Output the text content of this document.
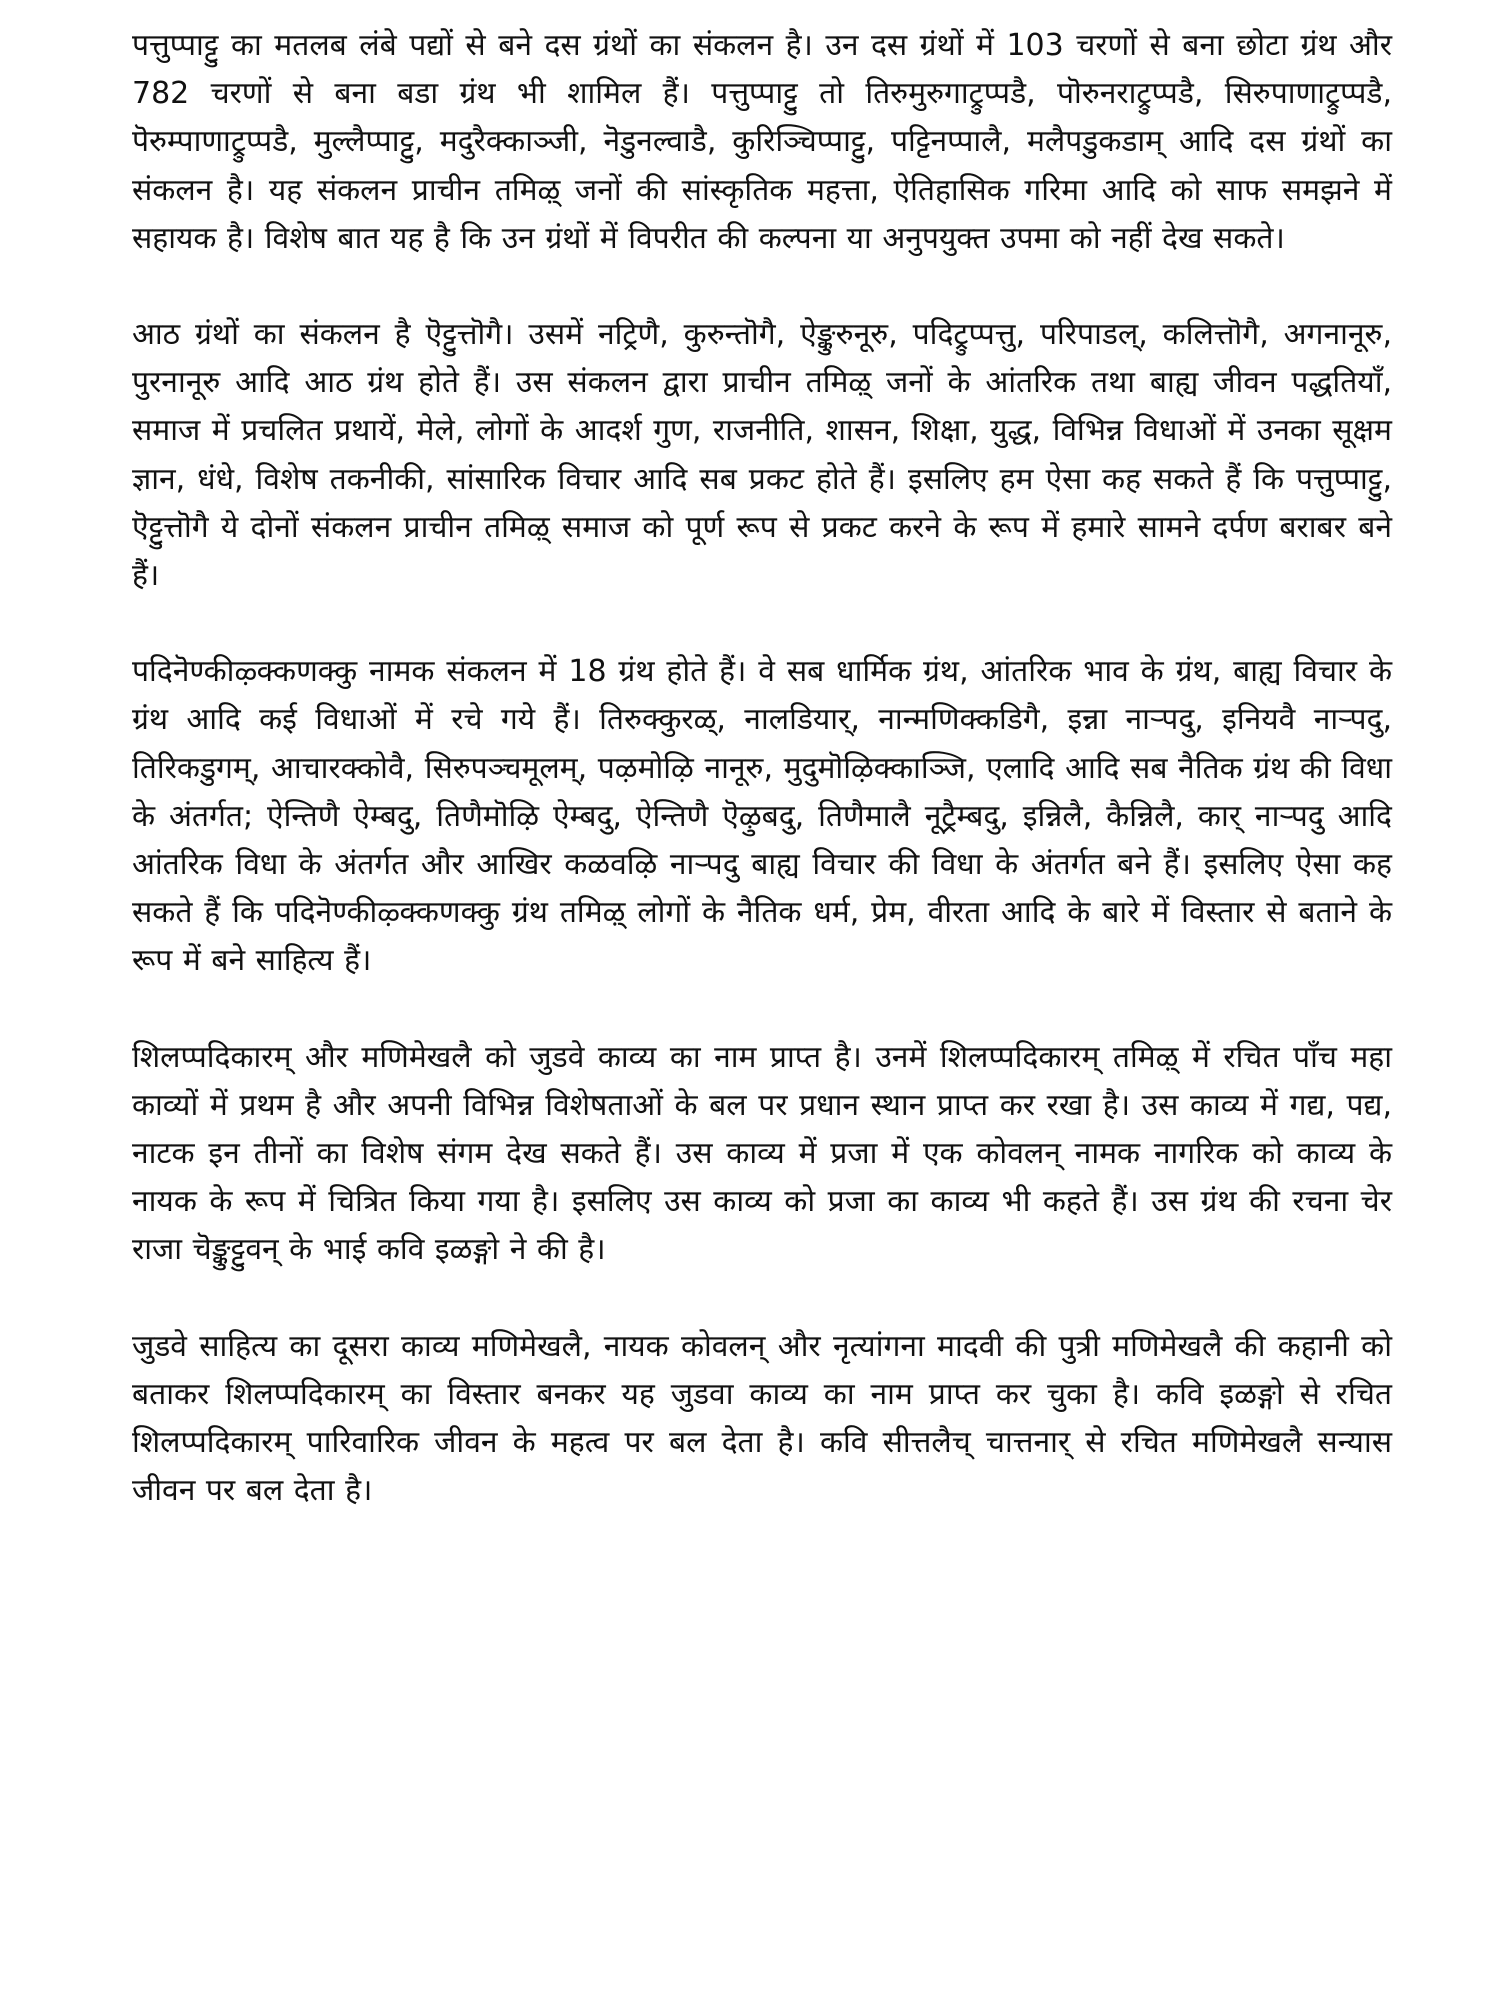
पत्तुप्पाट्टु का मतलब लंबे पद्यों से बने दस ग्रंथों का संकलन है। उन दस ग्रंथों में 103 चरणों से बना छोटा ग्रंथ और 782 चरणों से बना बडा ग्रंथ भी शामिल हैं। पत्तुप्पाट्टु तो तिरुमुरुगाट्रुप्पडै, पॊरुनराट्रुप्पडै, सिरुपाणाट्रुप्पडै, पॆरुम्पाणाट्रुप्पडै, मुल्लैप्पाट्टु, मदुरैक्काञ्जी, नॆडुनल्वाडै, कुरिञ्चिप्पाट्टु, पट्टिनप्पालै, मलैपडुकडाम् आदि दस ग्रंथों का संकलन है। यह संकलन प्राचीन तमिऴ् जनों की सांस्कृतिक महत्ता, ऐतिहासिक गरिमा आदि को साफ समझने में सहायक है। विशेष बात यह है कि उन ग्रंथों में विपरीत की कल्पना या अनुपयुक्त उपमा को नहीं देख सकते।

आठ ग्रंथों का संकलन है ऎट्टुत्तॊगै। उसमें नट्रिणै, कुरुन्तॊगै, ऐङ्कुरुनूरु, पदिट्रुप्पत्तु, परिपाडल्, कलित्तॊगै, अगनानूरु, पुरनानूरु आदि आठ ग्रंथ होते हैं। उस संकलन द्वारा प्राचीन तमिऴ् जनों के आंतरिक तथा बाह्य जीवन पद्धतियाँ, समाज में प्रचलित प्रथायें, मेले, लोगों के आदर्श गुण, राजनीति, शासन, शिक्षा, युद्ध, विभिन्न विधाओं में उनका सूक्षम ज्ञान, धंधे, विशेष तकनीकी, सांसारिक विचार आदि सब प्रकट होते हैं। इसलिए हम ऐसा कह सकते हैं कि पत्तुप्पाट्टु, ऎट्टुत्तॊगै ये दोनों संकलन प्राचीन तमिऴ् समाज को पूर्ण रूप से प्रकट करने के रूप में हमारे सामने दर्पण बराबर बने हैं।

पदिनॆण्कीऴ्क्कणक्कु नामक संकलन में 18 ग्रंथ होते हैं। वे सब धार्मिक ग्रंथ, आंतरिक भाव के ग्रंथ, बाह्य विचार के ग्रंथ आदि कई विधाओं में रचे गये हैं। तिरुक्कुरळ्, नालडियार्, नान्मणिक्कडिगै, इन्ना नाऱ्पदु, इनियवै नाऱ्पदु, तिरिकडुगम्, आचारक्कोवै, सिरुपञ्चमूलम्, पऴमोऴि नानूरु, मुदुमॊऴिक्काञ्जि, एलादि आदि सब नैतिक ग्रंथ की विधा के अंतर्गत; ऐन्तिणै ऐम्बदु, तिणैमॊऴि ऐम्बदु, ऐन्तिणै ऎऴुबदु, तिणैमालै नूट्रैम्बदु, इन्निलै, कैन्निलै, कार् नाऱ्पदु आदि आंतरिक विधा के अंतर्गत और आखिर कळवऴि नाऱ्पदु बाह्य विचार की विधा के अंतर्गत बने हैं। इसलिए ऐसा कह सकते हैं कि पदिनॆण्कीऴ्क्कणक्कु ग्रंथ तमिऴ् लोगों के नैतिक धर्म, प्रेम, वीरता आदि के बारे में विस्तार से बताने के रूप में बने साहित्य हैं।

शिलप्पदिकारम् और मणिमेखलै को जुडवे काव्य का नाम प्राप्त है। उनमें शिलप्पदिकारम् तमिऴ् में रचित पाँच महा काव्यों में प्रथम है और अपनी विभिन्न विशेषताओं के बल पर प्रधान स्थान प्राप्त कर रखा है। उस काव्य में गद्य, पद्य, नाटक इन तीनों का विशेष संगम देख सकते हैं। उस काव्य में प्रजा में एक कोवलन् नामक नागरिक को काव्य के नायक के रूप में चित्रित किया गया है। इसलिए उस काव्य को प्रजा का काव्य भी कहते हैं। उस ग्रंथ की रचना चेर राजा चॆङ्कुट्टुवन् के भाई कवि इळङ्गो ने की है।

जुडवे साहित्य का दूसरा काव्य मणिमेखलै, नायक कोवलन् और नृत्यांगना मादवी की पुत्री मणिमेखलै की कहानी को बताकर शिलप्पदिकारम् का विस्तार बनकर यह जुडवा काव्य का नाम प्राप्त कर चुका है। कवि इळङ्गो से रचित शिलप्पदिकारम् पारिवारिक जीवन के महत्व पर बल देता है। कवि सीत्तलैच् चात्तनार् से रचित मणिमेखलै सन्यास जीवन पर बल देता है।
